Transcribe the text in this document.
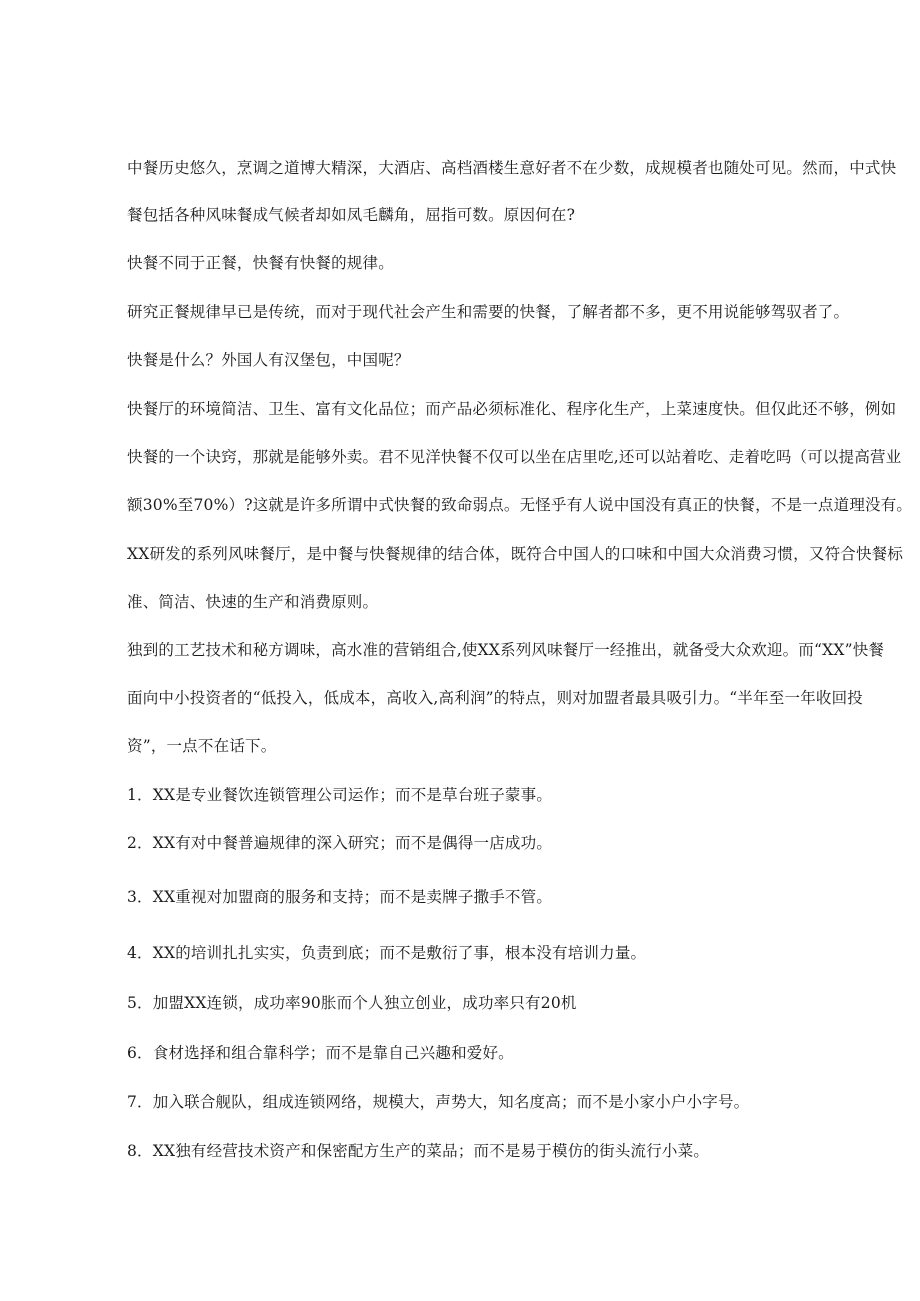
中餐历史悠久，烹调之道博大精深，大酒店、高档酒楼生意好者不在少数，成规模者也随处可见。然而，中式快
餐包括各种风味餐成气候者却如凤毛麟角，屈指可数。原因何在?
快餐不同于正餐，快餐有快餐的规律。
研究正餐规律早已是传统，而对于现代社会产生和需要的快餐，了解者都不多，更不用说能够驾驭者了。
快餐是什么？外国人有汉堡包，中国呢？
快餐厅的环境简洁、卫生、富有文化品位；而产品必须标准化、程序化生产，上菜速度快。但仅此还不够，例如
快餐的一个诀窍，那就是能够外卖。君不见洋快餐不仅可以坐在店里吃,还可以站着吃、走着吃吗（可以提高营业
额30%至70%）?这就是许多所谓中式快餐的致命弱点。无怪乎有人说中国没有真正的快餐，不是一点道理没有。
XX研发的系列风味餐厅，是中餐与快餐规律的结合体，既符合中国人的口味和中国大众消费习惯，又符合快餐标
准、简洁、快速的生产和消费原则。
独到的工艺技术和秘方调味，高水准的营销组合,使XX系列风味餐厅一经推出，就备受大众欢迎。而“XX”快餐
面向中小投资者的“低投入，低成本，高收入,高利润”的特点，则对加盟者最具吸引力。“半年至一年收回投
资”，一点不在话下。
1．XX是专业餐饮连锁管理公司运作；而不是草台班子蒙事。
2．XX有对中餐普遍规律的深入研究；而不是偶得一店成功。
3．XX重视对加盟商的服务和支持；而不是卖牌子撒手不管。
4．XX的培训扎扎实实，负责到底；而不是敷衍了事，根本没有培训力量。
5．加盟XX连锁，成功率90胀而个人独立创业，成功率只有20机
6．食材选择和组合靠科学；而不是靠自己兴趣和爱好。
7．加入联合舰队，组成连锁网络，规模大，声势大，知名度高；而不是小家小户小字号。
8．XX独有经营技术资产和保密配方生产的菜品；而不是易于模仿的街头流行小菜。
